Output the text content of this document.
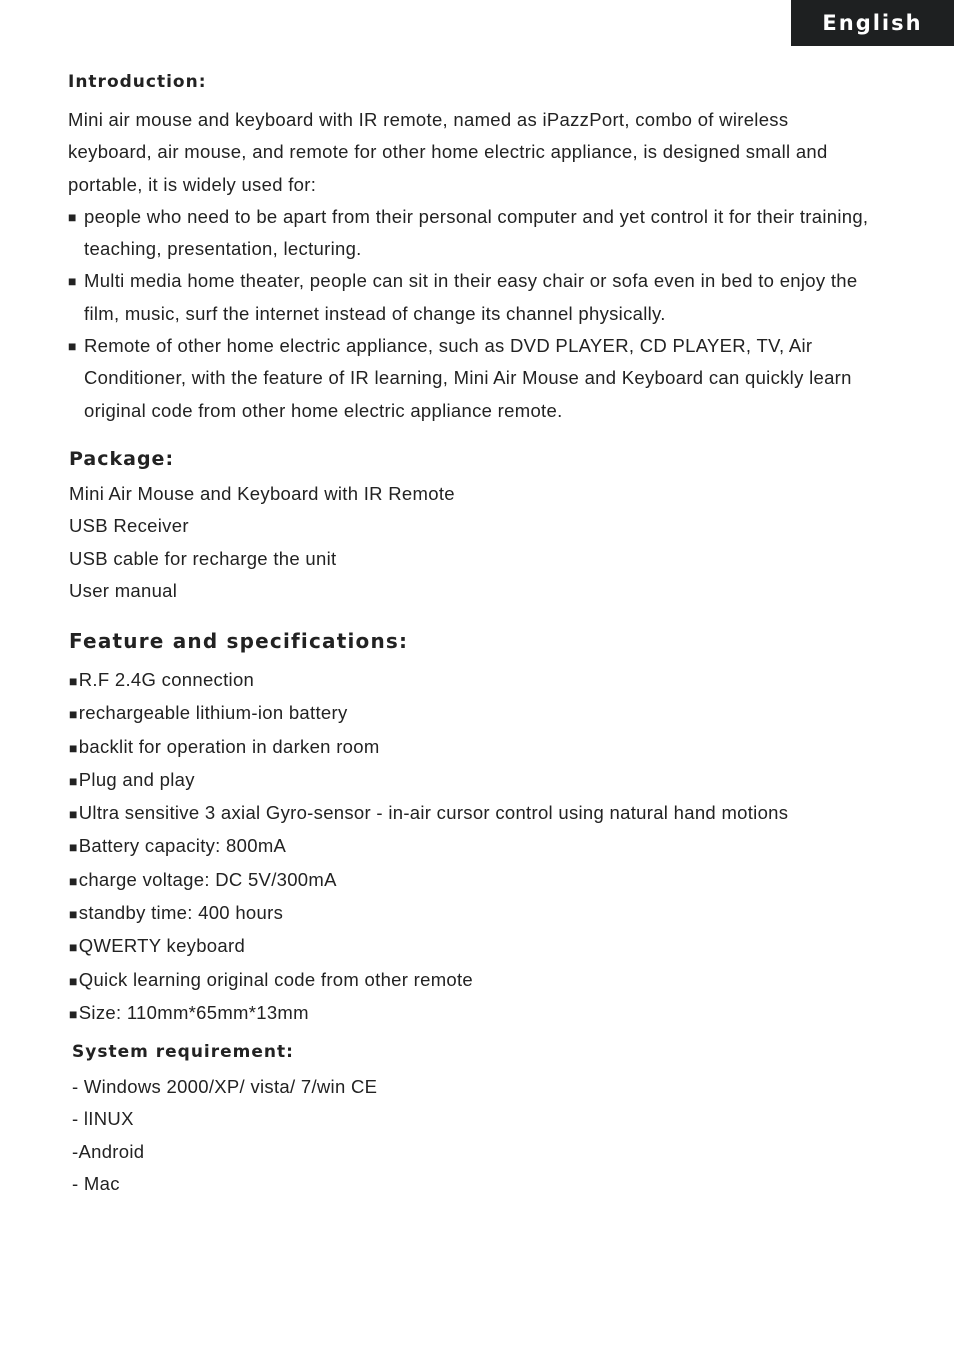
English
Introduction:

Mini air mouse and keyboard with IR remote, named as iPazzPort, combo of wireless keyboard, air mouse, and remote for other home electric appliance, is designed small and portable, it is widely used for:

■ people who need to be apart from their personal computer and yet control it for their training, teaching, presentation, lecturing.
■ Multi media home theater, people can sit in their easy chair or sofa even in bed to enjoy the film, music, surf the internet instead of change its channel physically.
■ Remote of other home electric appliance, such as DVD PLAYER, CD PLAYER, TV, Air Conditioner, with the feature of IR learning, Mini Air Mouse and Keyboard can quickly learn original code from other home electric appliance remote.
Package:
Mini Air Mouse and Keyboard with IR Remote
USB Receiver
USB cable for recharge the unit
User manual
Feature and specifications:
■R.F 2.4G connection
■rechargeable lithium-ion battery
■backlit for operation in darken room
■Plug and play
■Ultra sensitive 3 axial Gyro-sensor - in-air cursor control using natural hand motions
■Battery capacity: 800mA
■charge voltage: DC 5V/300mA
■standby time: 400 hours
■QWERTY keyboard
■Quick learning original code from other remote
■Size: 110mm*65mm*13mm
System requirement:
- Windows 2000/XP/ vista/ 7/win CE
- lINUX
-Android
- Mac
